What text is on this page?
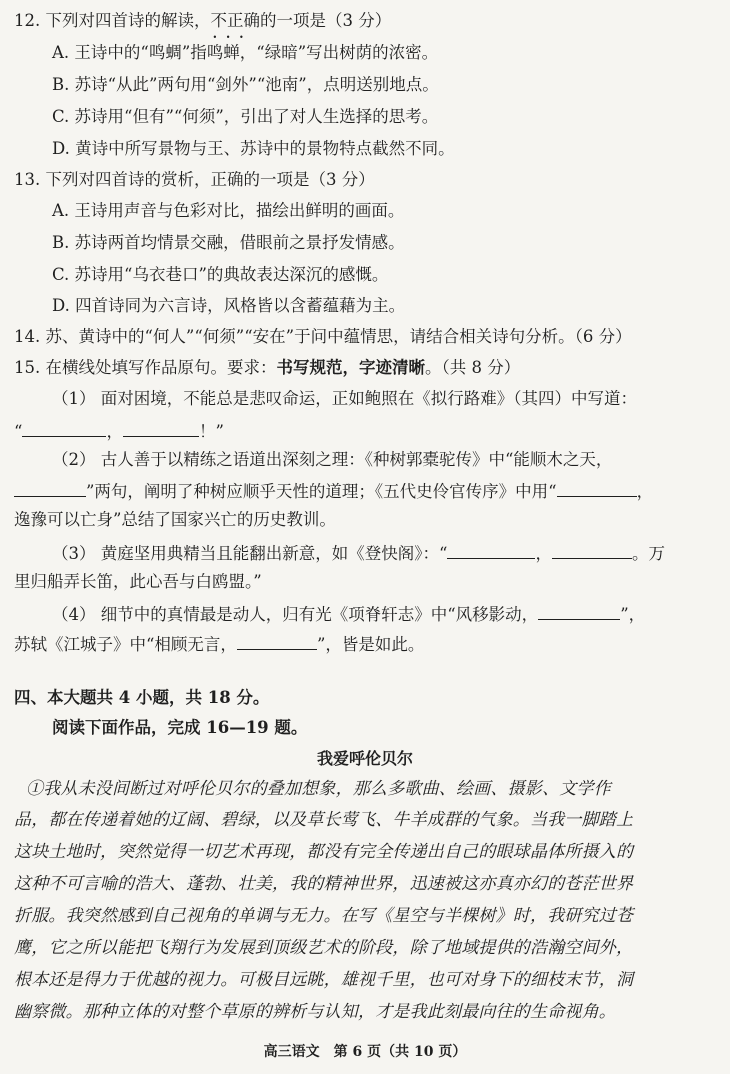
12. 下列对四首诗的解读，不正确 • • •的一项是（3 分）
A. 王诗中的“鸣蜩”指鸣蝉，“绿暗”写出树荫的浓密。
B. 苏诗“从此”两句用“剑外”“池南”，点明送别地点。
C. 苏诗用“但有”“何须”，引出了对人生选择的思考。
D. 黄诗中所写景物与王、苏诗中的景物特点截然不同。
13. 下列对四首诗的赏析，正确的一项是（3 分）
A. 王诗用声音与色彩对比，描绘出鲜明的画面。
B. 苏诗两首均情景交融，借眼前之景抒发情感。
C. 苏诗用“乌衣巷口”的典故表达深沉的感慨。
D. 四首诗同为六言诗，风格皆以含蓄蕴藉为主。
14. 苏、黄诗中的“何人”“何须”“安在”于问中蕴情思，请结合相关诗句分析。（6 分）
15. 在横线处填写作品原句。要求：书写规范，字迹清晰。（共 8 分）
（1） 面对困境，不能总是悲叹命运，正如鲍照在《拟行路难》（其四）中写道：
“	，	！”
（2） 古人善于以精练之语道出深刻之理：《种树郭橐驼传》中“能顺木之天，
”两句，阐明了种树应顺乎天性的道理；《五代史伶官传序》中用“	，
逸豫可以亡身”总结了国家兴亡的历史教训。
（3） 黄庭坚用典精当且能翻出新意，如《登快阁》：“	，	。万
里归船弄长笛，此心吾与白鸥盟。”
（4） 细节中的真情最是动人，归有光《项脊轩志》中“风移影动，	”，
苏轼《江城子》中“相顾无言，	”，皆是如此。
四、本大题共 4 小题，共 18 分。
阅读下面作品，完成 16—19 题。
我爱呼伦贝尔
①我从未没间断过对呼伦贝尔的叠加想象，那么多歌曲、绘画、摄影、文学作
品，都在传递着她的辽阔、碧绿，以及草长莺飞、牛羊成群的气象。当我一脚踏上
这块土地时，突然觉得一切艺术再现，都没有完全传递出自己的眼球晶体所摄入的
这种不可言喻的浩大、蓬勃、壮美，我的精神世界，迅速被这亦真亦幻的苍茫世界
折服。我突然感到自己视角的单调与无力。在写《星空与半棵树》时，我研究过苍
鹰，它之所以能把飞翔行为发展到顶级艺术的阶段，除了地域提供的浩瀚空间外，
根本还是得力于优越的视力。可极目远眺，雄视千里，也可对身下的细枝末节，洞
幽察微。那种立体的对整个草原的辨析与认知，才是我此刻最向往的生命视角。
高三语文　第 6 页（共 10 页）
